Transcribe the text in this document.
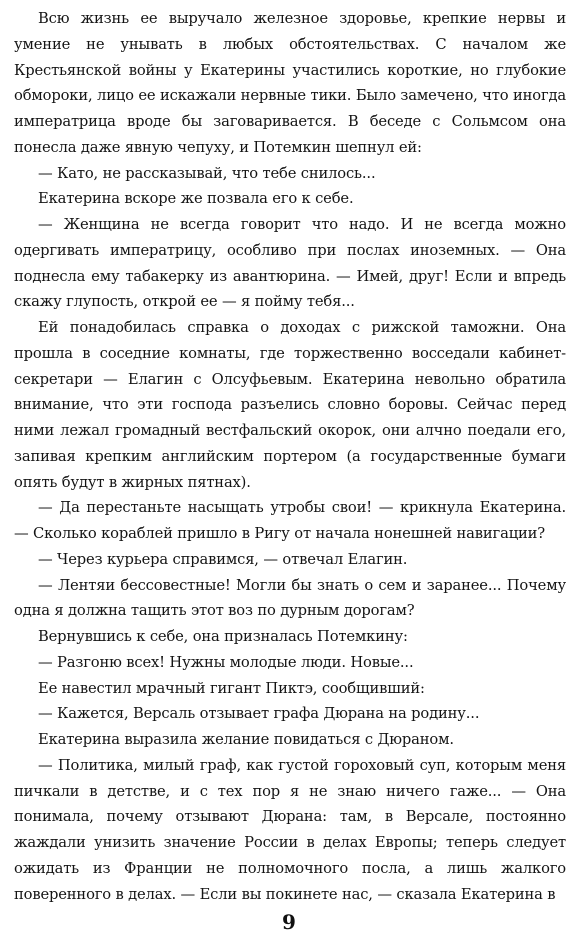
Всю жизнь ее выручало железное здоровье, крепкие нервы и умение не унывать в любых обстоятельствах. С началом же Крестьянской войны у Екатерины участились короткие, но глубокие обмороки, лицо ее искажали нервные тики. Было замечено, что иногда императрица вроде бы заговаривается. В беседе с Сольмсом она понесла даже явную чепуху, и Потемкин шепнул ей:

— Като, не рассказывай, что тебе снилось...

Екатерина вскоре же позвала его к себе.

— Женщина не всегда говорит что надо. И не всегда можно одергивать императрицу, особливо при послах иноземных. — Она поднесла ему табакерку из авантюрина. — Имей, друг! Если и впредь скажу глупость, открой ее — я пойму тебя...

Ей понадобилась справка о доходах с рижской таможни. Она прошла в соседние комнаты, где торжественно восседали кабинет-секретари — Елагин с Олсуфьевым. Екатерина невольно обратила внимание, что эти господа разъелись словно боровы. Сейчас перед ними лежал громадный вестфальский окорок, они алчно поедали его, запивая крепким английским портером (а государственные бумаги опять будут в жирных пятнах).

— Да перестаньте насыщать утробы свои! — крикнула Екатерина. — Сколько кораблей пришло в Ригу от начала нонешней навигации?

— Через курьера справимся, — отвечал Елагин.

— Лентяи бессовестные! Могли бы знать о сем и заранее... Почему одна я должна тащить этот воз по дурным дорогам?

Вернувшись к себе, она призналась Потемкину:

— Разгоню всех! Нужны молодые люди. Новые...

Ее навестил мрачный гигант Пиктэ, сообщивший:

— Кажется, Версаль отзывает графа Дюрана на родину...

Екатерина выразила желание повидаться с Дюраном.

— Политика, милый граф, как густой гороховый суп, которым меня пичкали в детстве, и с тех пор я не знаю ничего гаже... — Она понимала, почему отзывают Дюрана: там, в Версале, постоянно жаждали унизить значение России в делах Европы; теперь следует ожидать из Франции не полномочного посла, а лишь жалкого поверенного в делах. — Если вы покинете нас, — сказала Екатерина в

9
